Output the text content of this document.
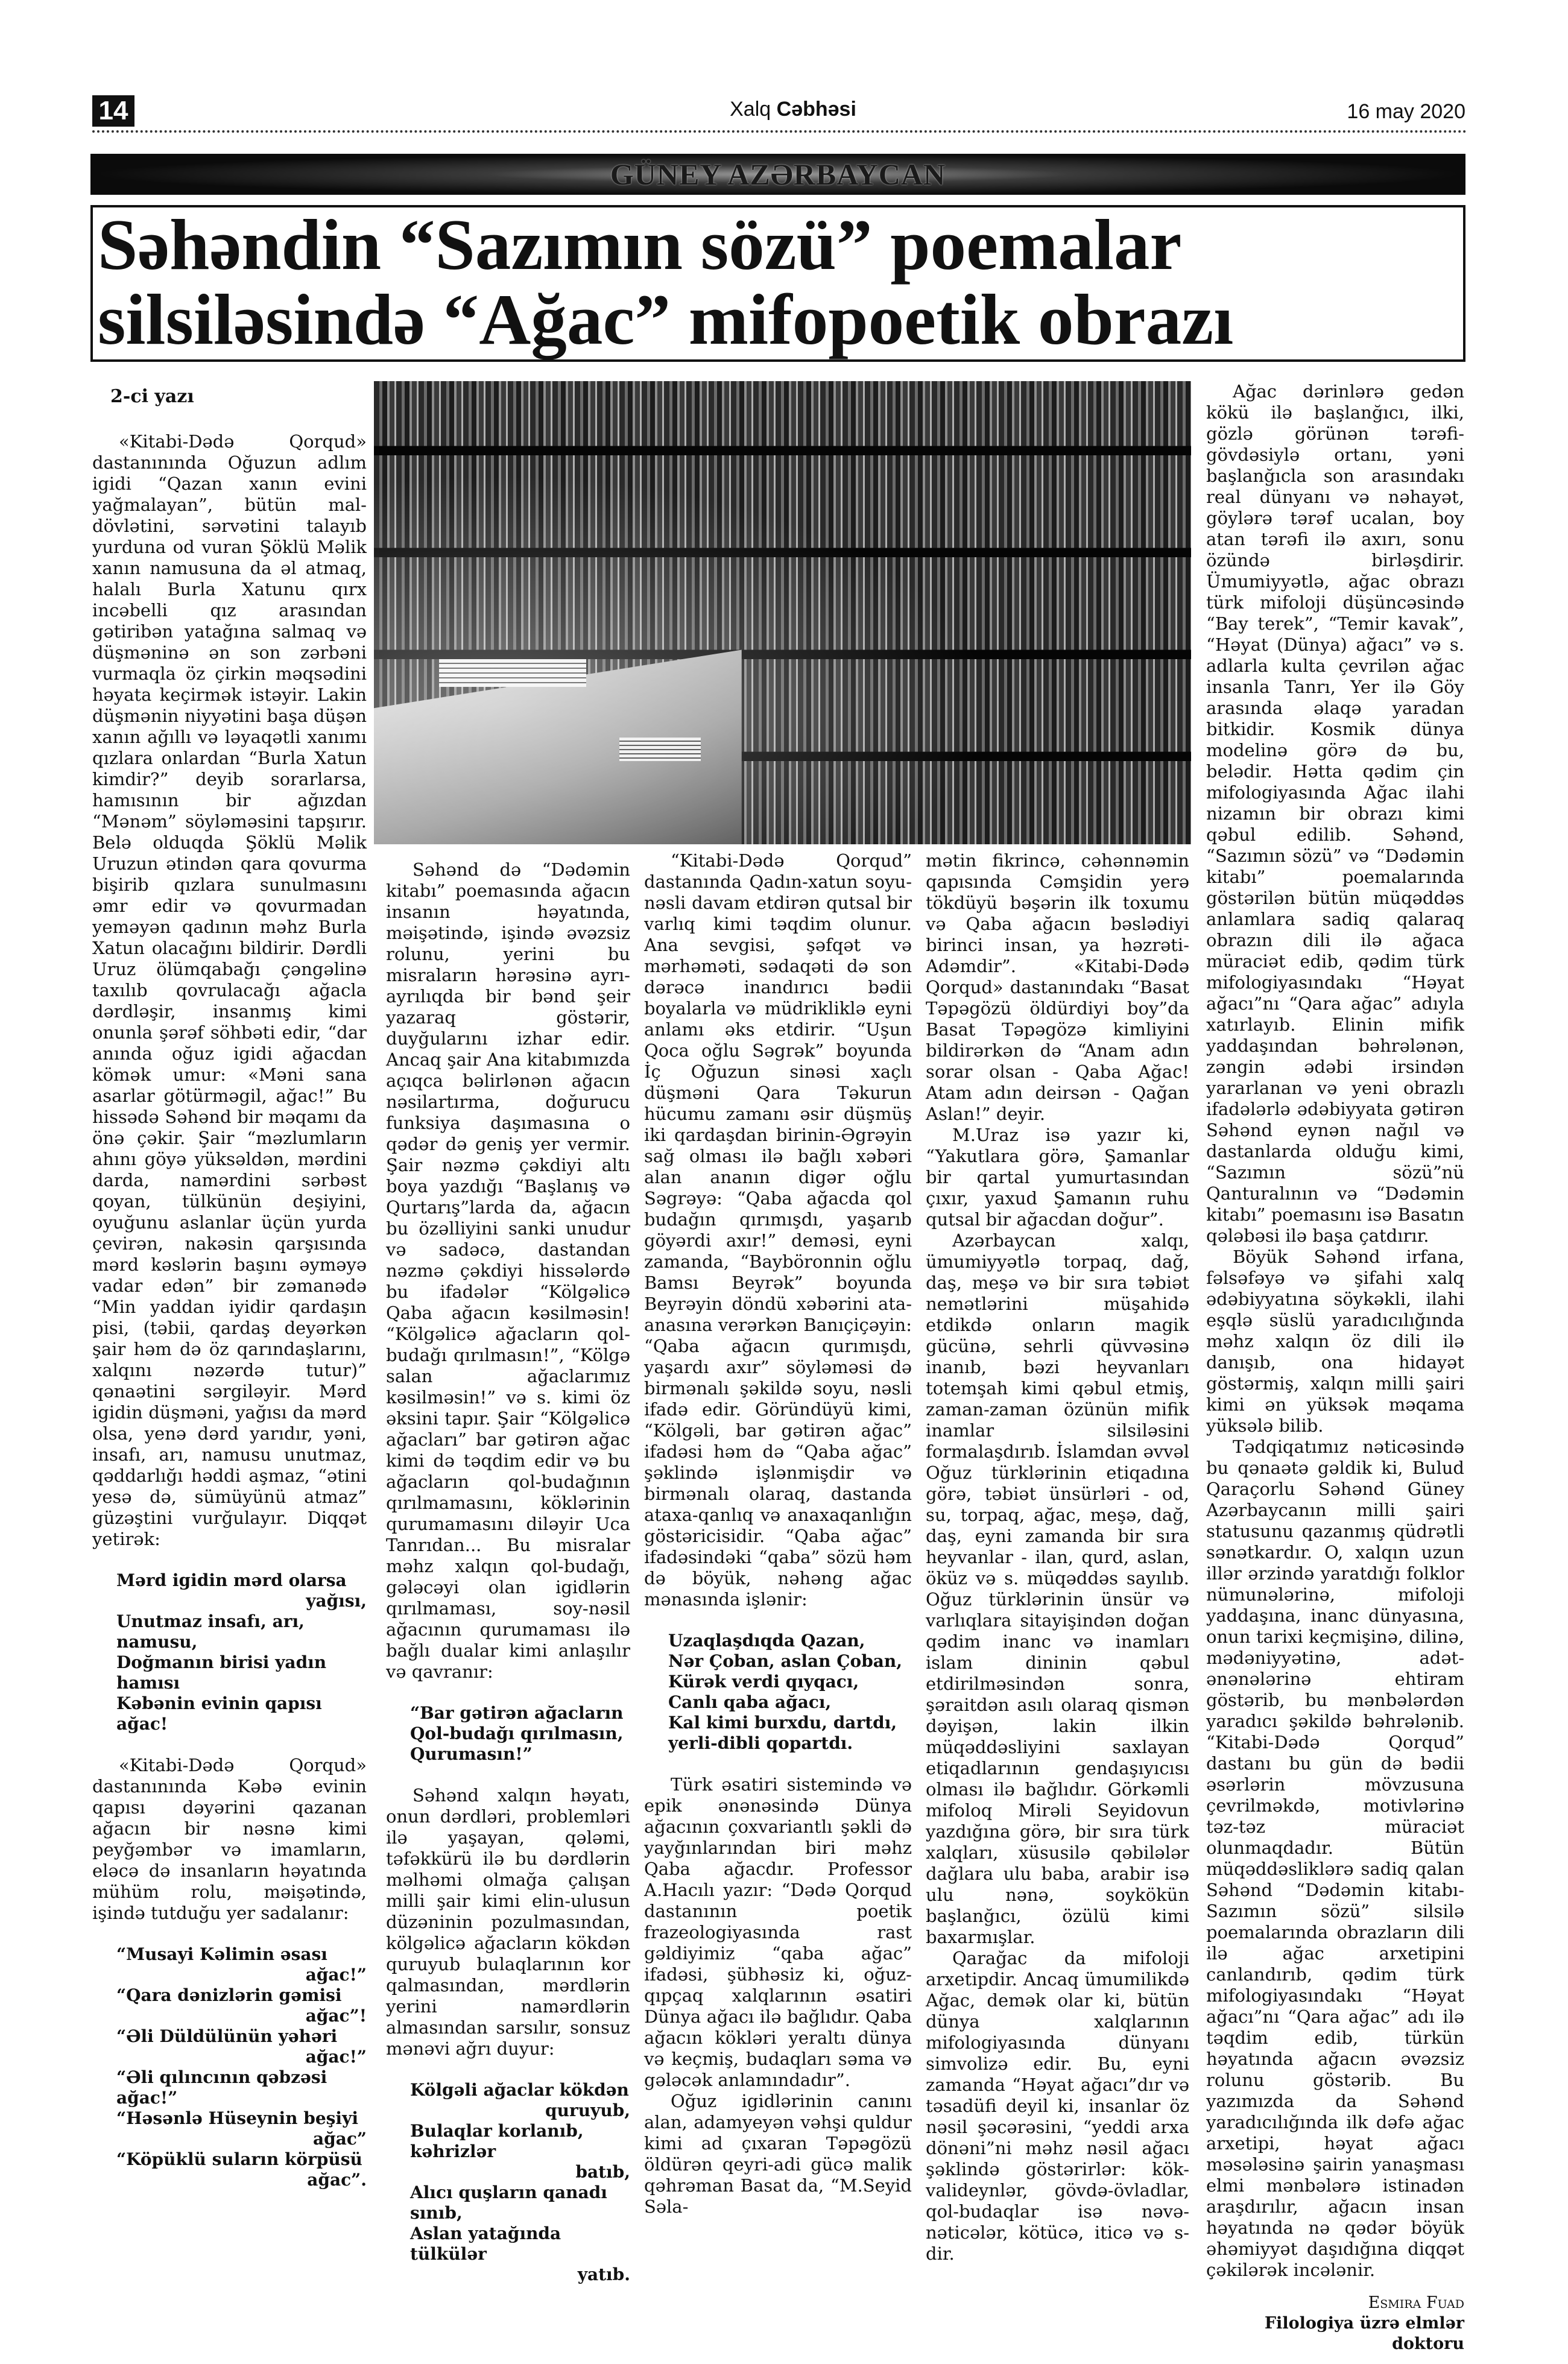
14	Xalq Cəbhəsi	16 may 2020
GÜNEY AZƏRBAYCAN
Səhəndin “Sazımın sözü” poemalar
silsiləsində “Ağac” mifopoetik obrazı
2-ci yazı

«Kitabi-Dədə Qorqud» dastanınında Oğuzun adlım igidi “Qazan xanın evini yağmalayan”, bütün mal-dövlətini, sərvətini talayıb yurduna od vuran Şöklü Məlik xanın namusuna da əl atmaq, halalı Burla Xatunu qırx incəbelli qız arasından gətiribən yatağına salmaq və düşməninə ən son zərbəni vurmaqla öz çirkin məqsədini həyata keçirmək istəyir. Lakin düşmənin niyyətini başa düşən xanın ağıllı və ləyaqətli xanımı qızlara onlardan “Burla Xatun kimdir?” deyib sorarlarsa, hamısının bir ağızdan “Mənəm” söyləməsini tapşırır. Belə olduqda Şöklü Məlik Uruzun ətindən qara qovurma bişirib qızlara sunulmasını əmr edir və qovurmadan yeməyən qadının məhz Burla Xatun olacağını bildirir. Dərdli Uruz ölümqabağı çəngəlinə taxılıb qovrulacağı ağacla dərdləşir, insanmış kimi onunla şərəf söhbəti edir, “dar anında oğuz igidi ağacdan kömək umur: «Məni sana asarlar götürməgil, ağac!” Bu hissədə Səhənd bir məqamı da önə çəkir. Şair “məzlumların ahını göyə yüksəldən, mərdini darda, namərdini sərbəst qoyan, tülkünün deşiyini, oyuğunu aslanlar üçün yurda çevirən, nakəsin qarşısında mərd kəslərin başını əyməyə vadar edən” bir zəmanədə “Min yaddan iyidir qardaşın pisi, (təbii, qardaş deyərkən şair həm də öz qarındaşlarını, xalqını nəzərdə tutur)” qənaətini sərgiləyir. Mərd igidin düşməni, yağısı da mərd olsa, yenə dərd yarıdır, yəni, insafı, arı, namusu unutmaz, qəddarlığı həddi aşmaz, “ətini yesə də, sümüyünü atmaz” güzəştini vurğulayır. Diqqət yetirək:

Mərd igidin mərd olarsa
yağısı,
Unutmaz insafı, arı, namusu,
Doğmanın birisi yadın hamısı
Kəbənin evinin qapısı ağac!

«Kitabi-Dədə Qorqud» dastanınında Kəbə evinin qapısı dəyərini qazanan ağacın bir nəsnə kimi peyğəmbər və imamların, eləcə də insanların həyatında mühüm rolu, məişətində, işində tutduğu yer sadalanır:

“Musayi Kəlimin əsası
ağac!”
“Qara dənizlərin gəmisi
ağac”!
“Əli Düldülünün yəhəri
ağac!”
“Əli qılıncının qəbzəsi ağac!”
“Həsənlə Hüseynin beşiyi
ağac”
“Köpüklü suların körpüsü
ağac”.

Səhənd də “Dədəmin kitabı” poemasında ağacın insanın həyatında, məişətində, işində əvəzsiz rolunu, yerini bu misraların hərəsinə ayrı-ayrılıqda bir bənd şeir yazaraq göstərir, duyğularını izhar edir. Ancaq şair Ana kitabımızda açıqca bəlirlənən ağacın nəsilartırma, doğurucu funksiya daşımasına o qədər də geniş yer vermir. Şair nəzmə çəkdiyi altı boya yazdığı “Başlanış və Qurtarış”larda da, ağacın bu özəlliyini sanki unudur və sadəcə, dastandan nəzmə çəkdiyi hissələrdə bu ifadələr “Kölgəlicə Qaba ağacın kəsilməsin! “Kölgəlicə ağacların qol-budağı qırılmasın!”, “Kölgə salan ağaclarımız kəsilməsin!” və s. kimi öz əksini tapır. Şair “Kölgəlicə ağacları” bar gətirən ağac kimi də təqdim edir və bu ağacların qol-budağının qırılmamasını, köklərinin qurumamasını diləyir Uca Tanrıdan... Bu misralar məhz xalqın qol-budağı, gələcəyi olan igidlərin qırılmaması, soy-nəsil ağacının qurumaması ilə bağlı dualar kimi anlaşılır və qavranır:

“Bar gətirən ağacların
Qol-budağı qırılmasın,
Qurumasın!”

Səhənd xalqın həyatı, onun dərdləri, problemləri ilə yaşayan, qələmi, təfəkkürü ilə bu dərdlərin məlhəmi olmağa çalışan milli şair kimi elin-ulusun düzəninin pozulmasından, kölgəlicə ağacların kökdən quruyub bulaqlarının kor qalmasından, mərdlərin yerini namərdlərin almasından sarsılır, sonsuz mənəvi ağrı duyur:

Kölgəli ağaclar kökdən
quruyub,
Bulaqlar korlanıb, kəhrizlər
batıb,
Alıcı quşların qanadı sınıb,
Aslan yatağında tülkülər
yatıb.

“Kitabi-Dədə Qorqud” dastanında Qadın-xatun soyu-nəsli davam etdirən qutsal bir varlıq kimi təqdim olunur. Ana sevgisi, şəfqət və mərhəməti, sədaqəti də son dərəcə inandırıcı bədii boyalarla və müdrikliklə eyni anlamı əks etdirir. “Uşun Qoca oğlu Səgrək” boyunda İç Oğuzun sinəsi xaçlı düşməni Qara Təkurun hücumu zamanı əsir düşmüş iki qardaşdan birinin-Əgrəyin sağ olması ilə bağlı xəbəri alan ananın digər oğlu Səgrəyə: “Qaba ağacda qol budağın qırımışdı, yaşarıb göyərdi axır!” deməsi, eyni zamanda, “Bayböronnin oğlu Bamsı Beyrək” boyunda Beyrəyin döndü xəbərini ata-anasına verərkən Banıçiçəyin: “Qaba ağacın qurımışdı, yaşardı axır” söyləməsi də birmənalı şəkildə soyu, nəsli ifadə edir. Göründüyü kimi, “Kölgəli, bar gətirən ağac” ifadəsi həm də “Qaba ağac” şəklində işlənmişdir və birmənalı olaraq, dastanda ataxa-qanlıq və anaxaqanlığın göstəricisidir. “Qaba ağac” ifadəsindəki “qaba” sözü həm də böyük, nəhəng ağac mənasında işlənir:

Uzaqlaşdıqda Qazan,
Nər Çoban, aslan Çoban,
Kürək verdi qıyqacı,
Canlı qaba ağacı,
Kal kimi burxdu, dartdı,
yerli-dibli qopartdı.

Türk əsatiri sistemində və epik ənənəsində Dünya ağacının çoxvariantlı şəkli də yayğınlarından biri məhz Qaba ağacdır. Professor A.Hacılı yazır: “Dədə Qorqud dastanının poetik frazeologiyasında rast gəldiyimiz “qaba ağac” ifadəsi, şübhəsiz ki, oğuz-qıpçaq xalqlarının əsatiri Dünya ağacı ilə bağlıdır. Qaba ağacın kökləri yeraltı dünya və keçmiş, budaqları səma və gələcək anlamındadır”.

Oğuz igidlərinin canını alan, adamyeyən vəhşi quldur kimi ad çıxaran Təpəgözü öldürən qeyri-adi gücə malik qəhrəman Basat da, “M.Seyid Səla-

mətin fikrincə, cəhənnəmin qapısında Cəmşidin yerə tökdüyü bəşərin ilk toxumu və Qaba ağacın bəslədiyi birinci insan, ya həzrəti-Adəmdir”. «Kitabi-Dədə Qorqud» dastanındakı “Basat Təpəgözü öldürdiyi boy”da Basat Təpəgözə kimliyini bildirərkən də “Anam adın sorar olsan - Qaba Ağac! Atam adın deirsən - Qağan Aslan!” deyir.

M.Uraz isə yazır ki, “Yakutlara görə, Şamanlar bir qartal yumurtasından çıxır, yaxud Şamanın ruhu qutsal bir ağacdan doğur”.

Azərbaycan xalqı, ümumiyyətlə torpaq, dağ, daş, meşə və bir sıra təbiət nemətlərini müşahidə etdikdə onların magik gücünə, sehrli qüvvəsinə inanıb, bəzi heyvanları totemşah kimi qəbul etmiş, zaman-zaman özünün mifik inamlar silsiləsini formalaşdırıb. İslamdan əvvəl Oğuz türklərinin etiqadına görə, təbiət ünsürləri - od, su, torpaq, ağac, meşə, dağ, daş, eyni zamanda bir sıra heyvanlar - ilan, qurd, aslan, öküz və s. müqəddəs sayılıb. Oğuz türklərinin ünsür və varlıqlara sitayişindən doğan qədim inanc və inamları islam dininin qəbul etdirilməsindən sonra, şəraitdən asılı olaraq qismən dəyişən, lakin ilkin müqəddəsliyini saxlayan etiqadlarının gendaşıyıcısı olması ilə bağlıdır. Görkəmli mifoloq Mirəli Seyidovun yazdığına görə, bir sıra türk xalqları, xüsusilə qəbilələr dağlara ulu baba, arabir isə ulu nənə, soykökün başlanğıcı, özülü kimi baxarmışlar.

Qarağac da mifoloji arxetipdir. Ancaq ümumilikdə Ağac, demək olar ki, bütün dünya xalqlarının mifologiyasında dünyanı simvolizə edir. Bu, eyni zamanda “Həyat ağacı”dır və təsadüfi deyil ki, insanlar öz nəsil şəcərəsini, “yeddi arxa dönəni”ni məhz nəsil ağacı şəklində göstərirlər: kök-valideynlər, gövdə-övladlar, qol-budaqlar isə nəvə-nəticələr, kötücə, iticə və s-dir.

Ağac dərinlərə gedən kökü ilə başlanğıcı, ilki, gözlə görünən tərəfi-gövdəsiylə ortanı, yəni başlanğıcla son arasındakı real dünyanı və nəhayət, göylərə tərəf ucalan, boy atan tərəfi ilə axırı, sonu özündə birləşdirir. Ümumiyyətlə, ağac obrazı türk mifoloji düşüncəsində “Bay terek”, “Temir kavak”, “Həyat (Dünya) ağacı” və s. adlarla kulta çevrilən ağac insanla Tanrı, Yer ilə Göy arasında əlaqə yaradan bitkidir. Kosmik dünya modelinə görə də bu, belədir. Hətta qədim çin mifologiyasında Ağac ilahi nizamın bir obrazı kimi qəbul edilib. Səhənd, “Sazımın sözü” və “Dədəmin kitabı” poemalarında göstərilən bütün müqəddəs anlamlara sadiq qalaraq obrazın dili ilə ağaca müraciət edib, qədim türk mifologiyasındakı “Həyat ağacı”nı “Qara ağac” adıyla xatırlayıb. Elinin mifik yaddaşından bəhrələnən, zəngin ədəbi irsindən yararlanan və yeni obrazlı ifadələrlə ədəbiyyata gətirən Səhənd eynən nağıl və dastanlarda olduğu kimi, “Sazımın sözü”nü Qanturalının və “Dədəmin kitabı” poemasını isə Basatın qələbəsi ilə başa çatdırır.

Böyük Səhənd irfana, fəlsəfəyə və şifahi xalq ədəbiyyatına söykəkli, ilahi eşqlə süslü yaradıcılığında məhz xalqın öz dili ilə danışıb, ona hidayət göstərmiş, xalqın milli şairi kimi ən yüksək məqama yüksələ bilib.

Tədqiqatımız nəticəsində bu qənaətə gəldik ki, Bulud Qaraçorlu Səhənd Güney Azərbaycanın milli şairi statusunu qazanmış qüdrətli sənətkardır. O, xalqın uzun illər ərzində yaratdığı folklor nümunələrinə, mifoloji yaddaşına, inanc dünyasına, onun tarixi keçmişinə, dilinə, mədəniyyətinə, adət-ənənələrinə ehtiram göstərib, bu mənbələrdən yaradıcı şəkildə bəhrələnib. “Kitabi-Dədə Qorqud” dastanı bu gün də bədii əsərlərin mövzusuna çevrilməkdə, motivlərinə təz-təz müraciət olunmaqdadır. Bütün müqəddəsliklərə sadiq qalan Səhənd “Dədəmin kitabı-Sazımın sözü” silsilə poemalarında obrazların dili ilə ağac arxetipini canlandırıb, qədim türk mifologiyasındakı “Həyat ağacı”nı “Qara ağac” adı ilə təqdim edib, türkün həyatında ağacın əvəzsiz rolunu göstərib. Bu yazımızda da Səhənd yaradıcılığında ilk dəfə ağac arxetipi, həyat ağacı məsələsinə şairin yanaşması elmi mənbələrə istinadən araşdırılır, ağacın insan həyatında nə qədər böyük əhəmiyyət daşıdığına diqqət çəkilərək incələnir.

Esmira Fuad
Filologiya üzrə elmlər
doktoru
